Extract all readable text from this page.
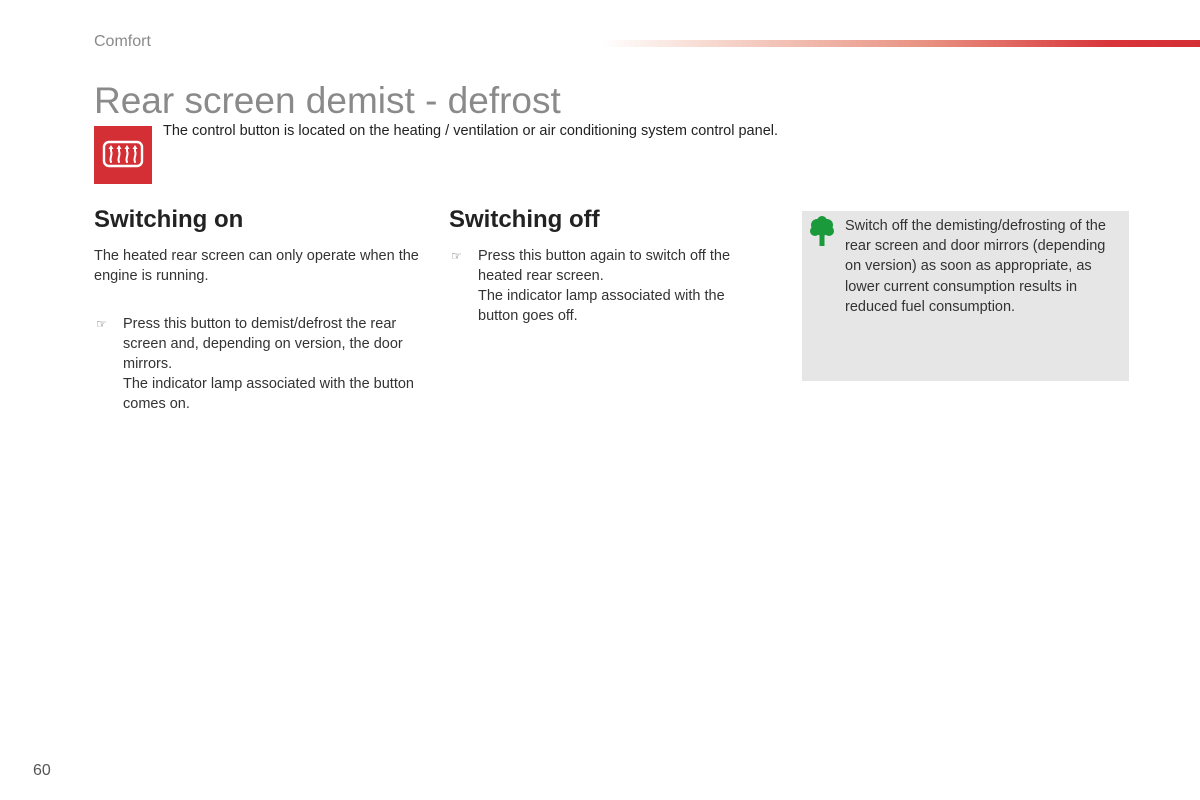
Comfort
Rear screen demist - defrost
The control button is located on the heating / ventilation or air conditioning system control panel.
Switching on

The heated rear screen can only operate when the engine is running.

☞ Press this button to demist/defrost the rear screen and, depending on version, the door mirrors.

The indicator lamp associated with the button comes on.

Switching off
☞ Press this button again to switch off the heated rear screen.

The indicator lamp associated with the button goes off.

Switch off the demisting/defrosting of the rear screen and door mirrors (depending on version) as soon as appropriate, as lower current consumption results in reduced fuel consumption.
60
